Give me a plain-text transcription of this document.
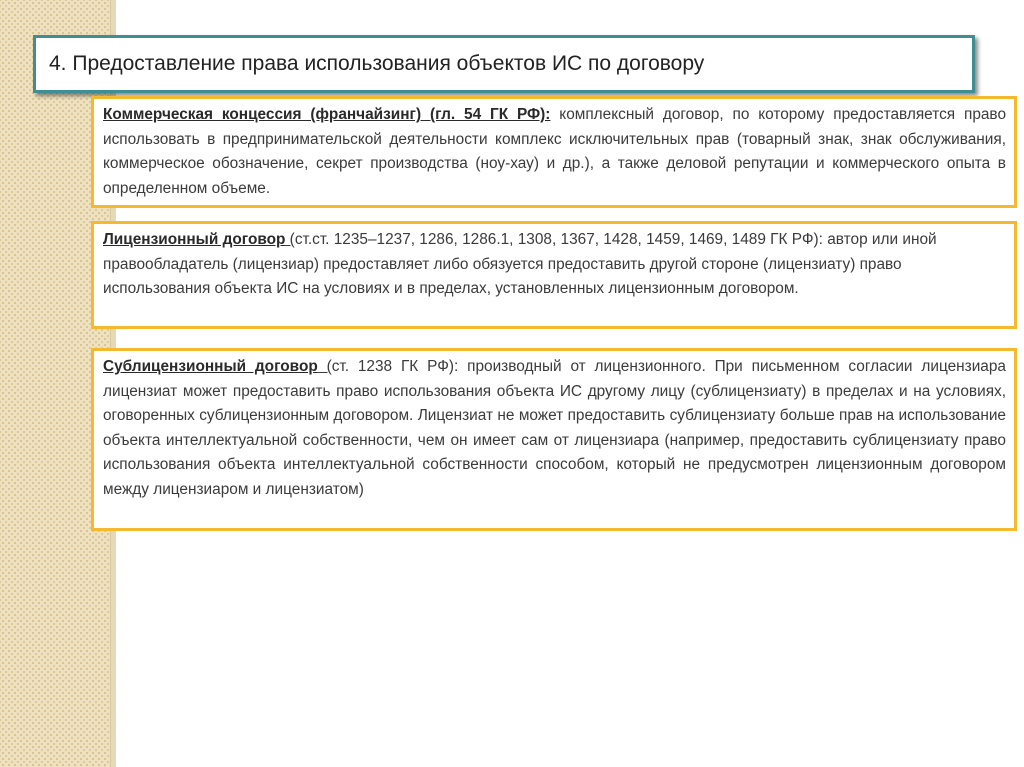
4. Предоставление права использования объектов ИС по договору
Коммерческая концессия (франчайзинг) (гл. 54 ГК РФ): комплексный договор, по которому предоставляется право использовать в предпринимательской деятельности комплекс исключительных прав (товарный знак, знак обслуживания, коммерческое обозначение, секрет производства (ноу-хау) и др.), а также деловой репутации и коммерческого опыта в определенном объеме.
Лицензионный договор (ст.ст. 1235–1237, 1286, 1286.1, 1308, 1367, 1428, 1459, 1469, 1489 ГК РФ): автор или иной правообладатель (лицензиар) предоставляет либо обязуется предоставить другой стороне (лицензиату) право использования объекта ИС на условиях и в пределах, установленных лицензионным договором.
Сублицензионный договор (ст. 1238 ГК РФ): производный от лицензионного. При письменном согласии лицензиара лицензиат может предоставить право использования объекта ИС другому лицу (сублицензиату) в пределах и на условиях, оговоренных сублицензионным договором. Лицензиат не может предоставить сублицензиату больше прав на использование объекта интеллектуальной собственности, чем он имеет сам от лицензиара (например, предоставить сублицензиату право использования объекта интеллектуальной собственности способом, который не предусмотрен лицензионным договором между лицензиаром и лицензиатом)
